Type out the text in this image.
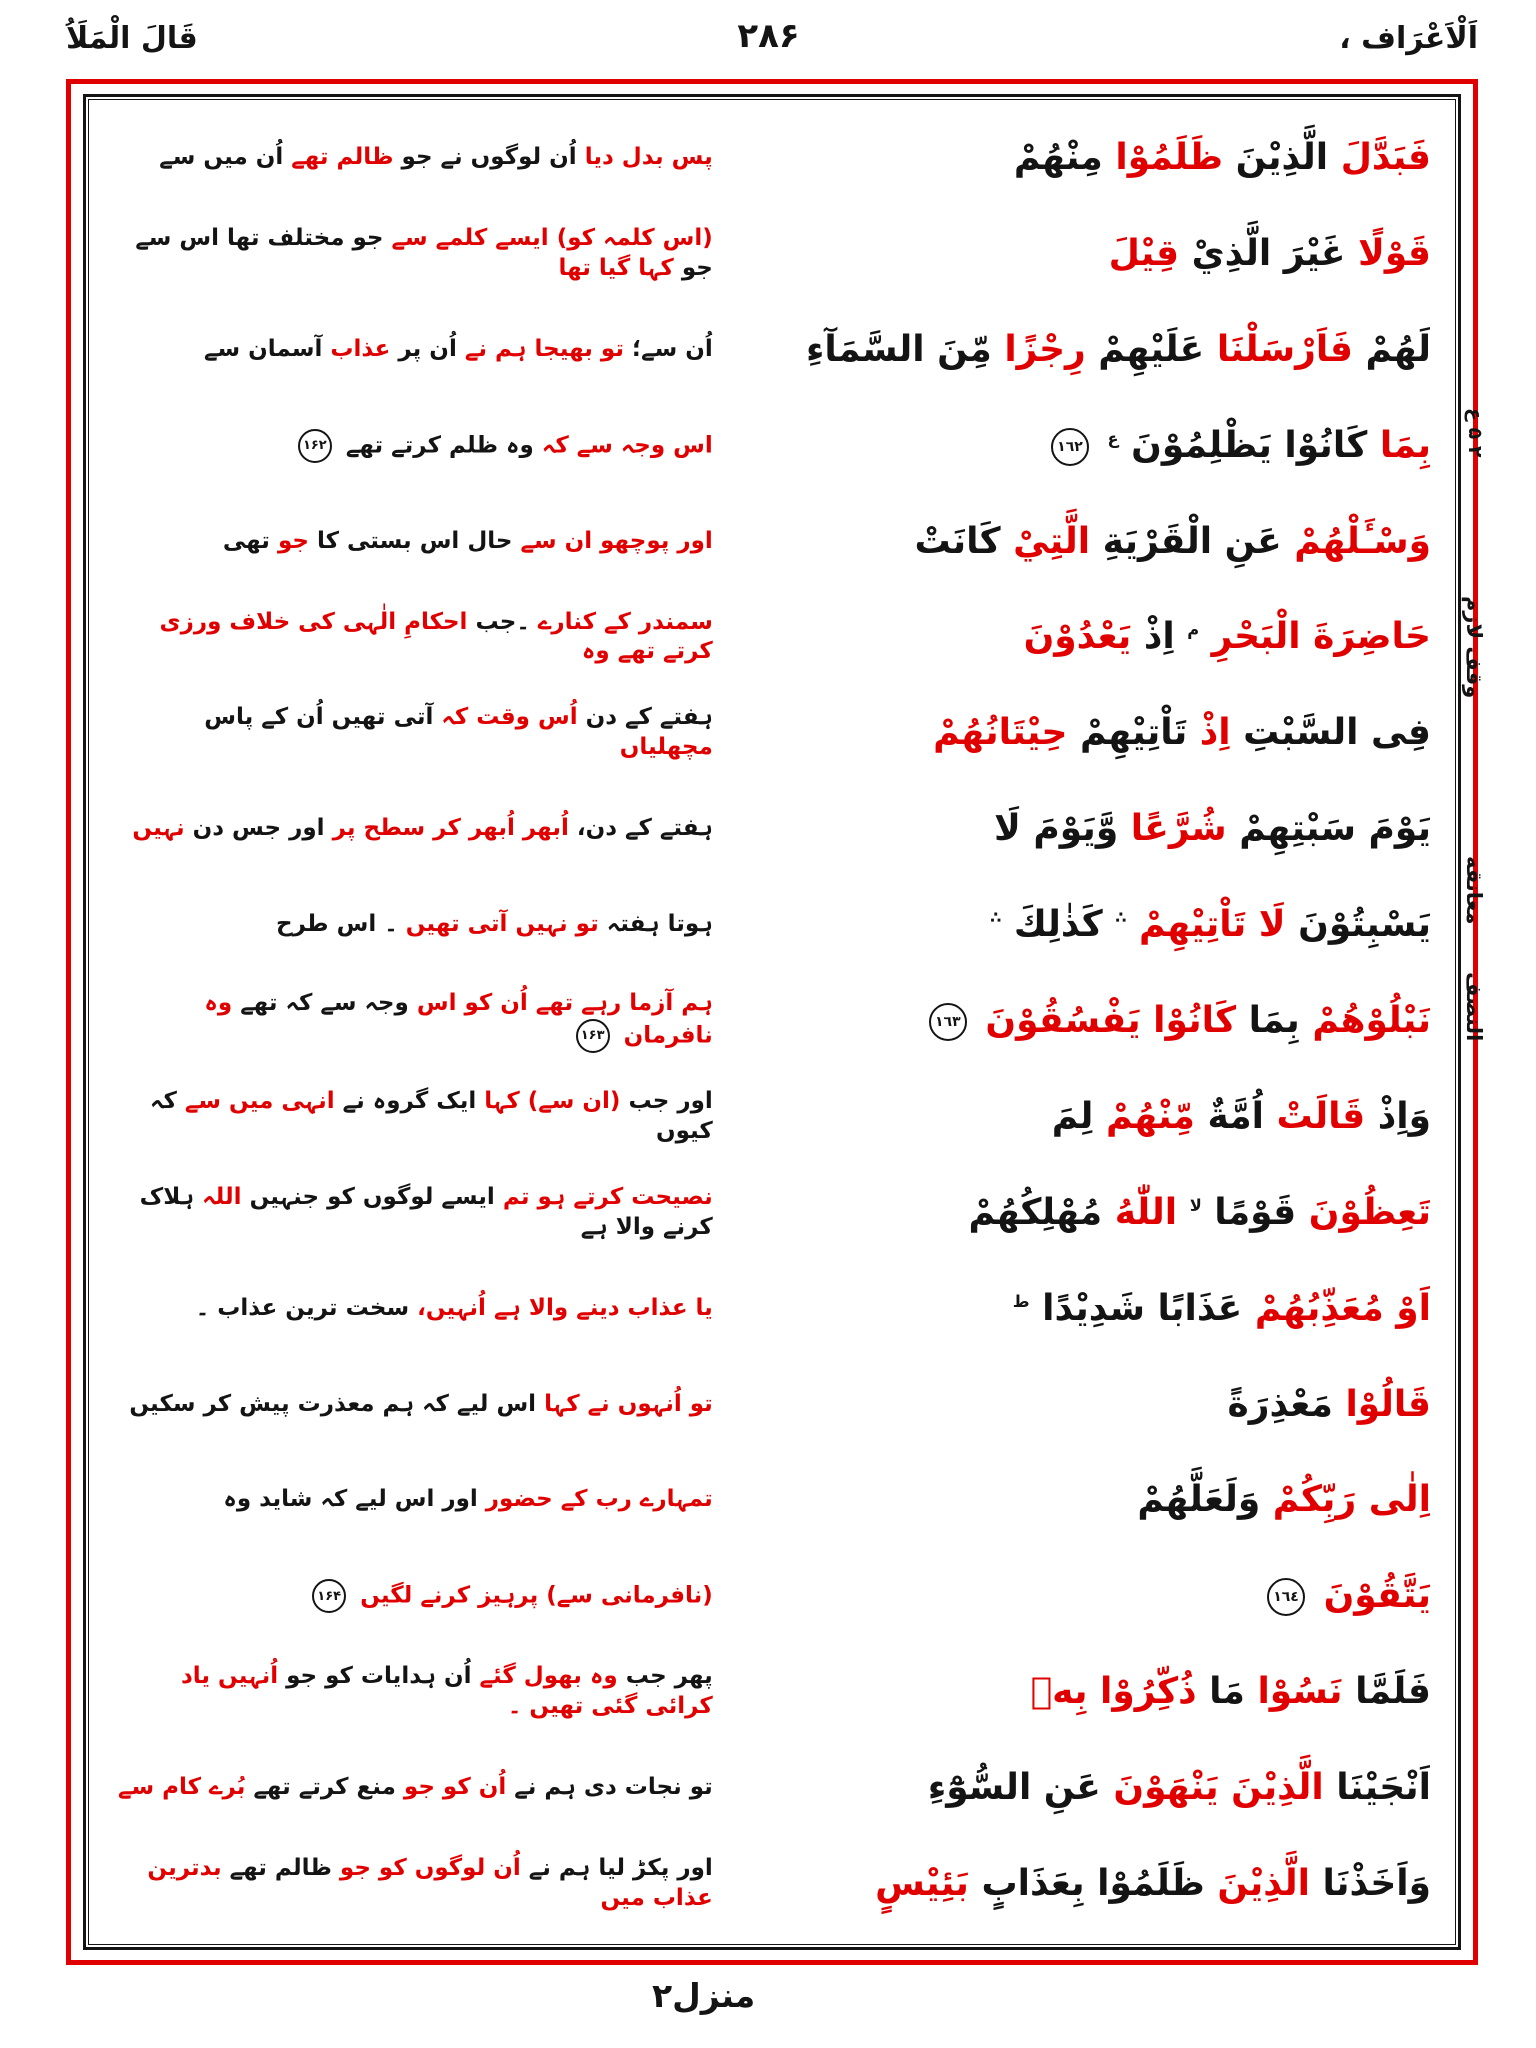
قَالَ الْمَلَاُ	۲۸۶	اَلْاَعْرَاف ،
فَبَدَّلَ الَّذِيْنَ ظَلَمُوْا مِنْهُمْ
پس بدل دیا اُن لوگوں نے جو ظالم تھے اُن میں سے
قَوْلًا غَيْرَ الَّذِيْ قِيْلَ
(اس کلمہ کو) ایسے کلمے سے جو مختلف تھا اس سے جو کہا گیا تھا
لَهُمْ فَاَرْسَلْنَا عَلَيْهِمْ رِجْزًا مِّنَ السَّمَآءِ
اُن سے؛ تو بھیجا ہم نے اُن پر عذاب آسمان سے
بِمَا كَانُوْا يَظْلِمُوْنَ $^ع$ ١٦٢
اس وجہ سے کہ وہ ظلم کرتے تھے ۱۶۲
وَسْـَٔلْهُمْ عَنِ الْقَرْيَةِ الَّتِيْ كَانَتْ
اور پوچھو ان سے حال اس بستی کا جو تھی
حَاضِرَةَ الْبَحْرِ $^م$ اِذْ يَعْدُوْنَ
سمندر کے کنارے ۔جب احکامِ الٰہی کی خلاف ورزی کرتے تھے وہ
فِی السَّبْتِ اِذْ تَاْتِيْهِمْ حِيْتَانُهُمْ
ہفتے کے دن اُس وقت کہ آتی تھیں اُن کے پاس مچھلیاں
يَوْمَ سَبْتِهِمْ شُرَّعًا وَّيَوْمَ لَا
ہفتے کے دن، اُبھر اُبھر کر سطح پر اور جس دن نہیں
يَسْبِتُوْنَ لَا تَاْتِيْهِمْ ∴ كَذٰلِكَ ∴
ہوتا ہفتہ تو نہیں آتی تھیں ۔ اس طرح
نَبْلُوْهُمْ بِمَا كَانُوْا يَفْسُقُوْنَ ١٦٣
ہم آزما رہے تھے اُن کو اس وجہ سے کہ تھے وہ نافرمان ۱۶۳
وَاِذْ قَالَتْ اُمَّةٌ مِّنْهُمْ لِمَ
اور جب (ان سے) کہا ایک گروہ نے انہی میں سے کہ کیوں
تَعِظُوْنَ قَوْمًا $^{لا}$ اللّٰهُ مُهْلِكُهُمْ
نصیحت کرتے ہو تم ایسے لوگوں کو جنہیں اللہ ہلاک کرنے والا ہے
اَوْ مُعَذِّبُهُمْ عَذَابًا شَدِيْدًا $^ط$
یا عذاب دینے والا ہے اُنہیں، سخت ترین عذاب ۔
قَالُوْا مَعْذِرَةً
تو اُنہوں نے کہا اس لیے کہ ہم معذرت پیش کر سکیں
اِلٰى رَبِّكُمْ وَلَعَلَّهُمْ
تمہارے رب کے حضور اور اس لیے کہ شاید وہ
يَتَّقُوْنَ ١٦٤
(نافرمانی سے) پرہیز کرنے لگیں ۱۶۴
فَلَمَّا نَسُوْا مَا ذُكِّرُوْا بِهٖ
پھر جب وہ بھول گئے اُن ہدایات کو جو اُنہیں یاد کرائی گئی تھیں ۔
اَنْجَيْنَا الَّذِيْنَ يَنْهَوْنَ عَنِ السُّوْٓءِ
تو نجات دی ہم نے اُن کو جو منع کرتے تھے بُرے کام سے
وَاَخَذْنَا الَّذِيْنَ ظَلَمُوْا بِعَذَابٍ بَئِيْسٍ
اور پکڑ لیا ہم نے اُن لوگوں کو جو ظالم تھے بدترین عذاب میں
٢ ۵ ع
وقف لازم
معانقه
النصف
منزل۲
